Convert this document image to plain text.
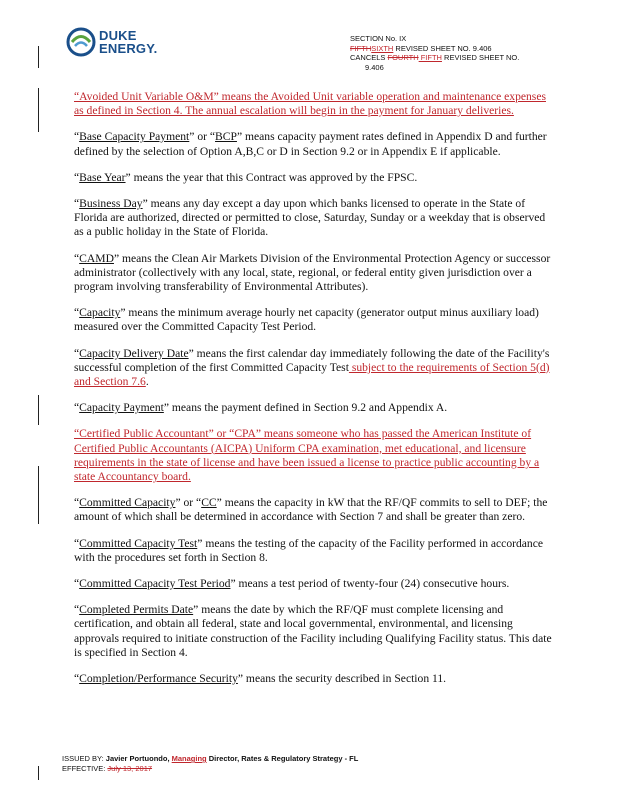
DUKE
ENERGY.
SECTION No. IX
FIFTHSIXTH REVISED SHEET NO. 9.406
CANCELS FOURTH FIFTH REVISED SHEET NO.
9.406

“Avoided Unit Variable O&M” means the Avoided Unit variable operation and maintenance expenses as defined in Section 4. The annual escalation will begin in the payment for January deliveries.

“Base Capacity Payment” or “BCP” means capacity payment rates defined in Appendix D and further defined by the selection of Option A,B,C or D in Section 9.2 or in Appendix E if applicable.

“Base Year” means the year that this Contract was approved by the FPSC.

“Business Day” means any day except a day upon which banks licensed to operate in the State of Florida are authorized, directed or permitted to close, Saturday, Sunday or a weekday that is observed as a public holiday in the State of Florida.

“CAMD” means the Clean Air Markets Division of the Environmental Protection Agency or successor administrator (collectively with any local, state, regional, or federal entity given jurisdiction over a program involving transferability of Environmental Attributes).

“Capacity” means the minimum average hourly net capacity (generator output minus auxiliary load) measured over the Committed Capacity Test Period.

“Capacity Delivery Date” means the first calendar day immediately following the date of the Facility's successful completion of the first Committed Capacity Test subject to the requirements of Section 5(d) and Section 7.6.

“Capacity Payment” means the payment defined in Section 9.2 and Appendix A.

“Certified Public Accountant” or “CPA” means someone who has passed the American Institute of Certified Public Accountants (AICPA) Uniform CPA examination, met educational, and licensure requirements in the state of license and have been issued a license to practice public accounting by a state Accountancy board.

“Committed Capacity” or “CC” means the capacity in kW that the RF/QF commits to sell to DEF; the amount of which shall be determined in accordance with Section 7 and shall be greater than zero.

“Committed Capacity Test” means the testing of the capacity of the Facility performed in accordance with the procedures set forth in Section 8.

“Committed Capacity Test Period” means a test period of twenty-four (24) consecutive hours.

“Completed Permits Date” means the date by which the RF/QF must complete licensing and certification, and obtain all federal, state and local governmental, environmental, and licensing approvals required to initiate construction of the Facility including Qualifying Facility status. This date is specified in Section 4.

“Completion/Performance Security” means the security described in Section 11.

ISSUED BY: Javier Portuondo, Managing Director, Rates & Regulatory Strategy - FL
EFFECTIVE: July 13, 2017
